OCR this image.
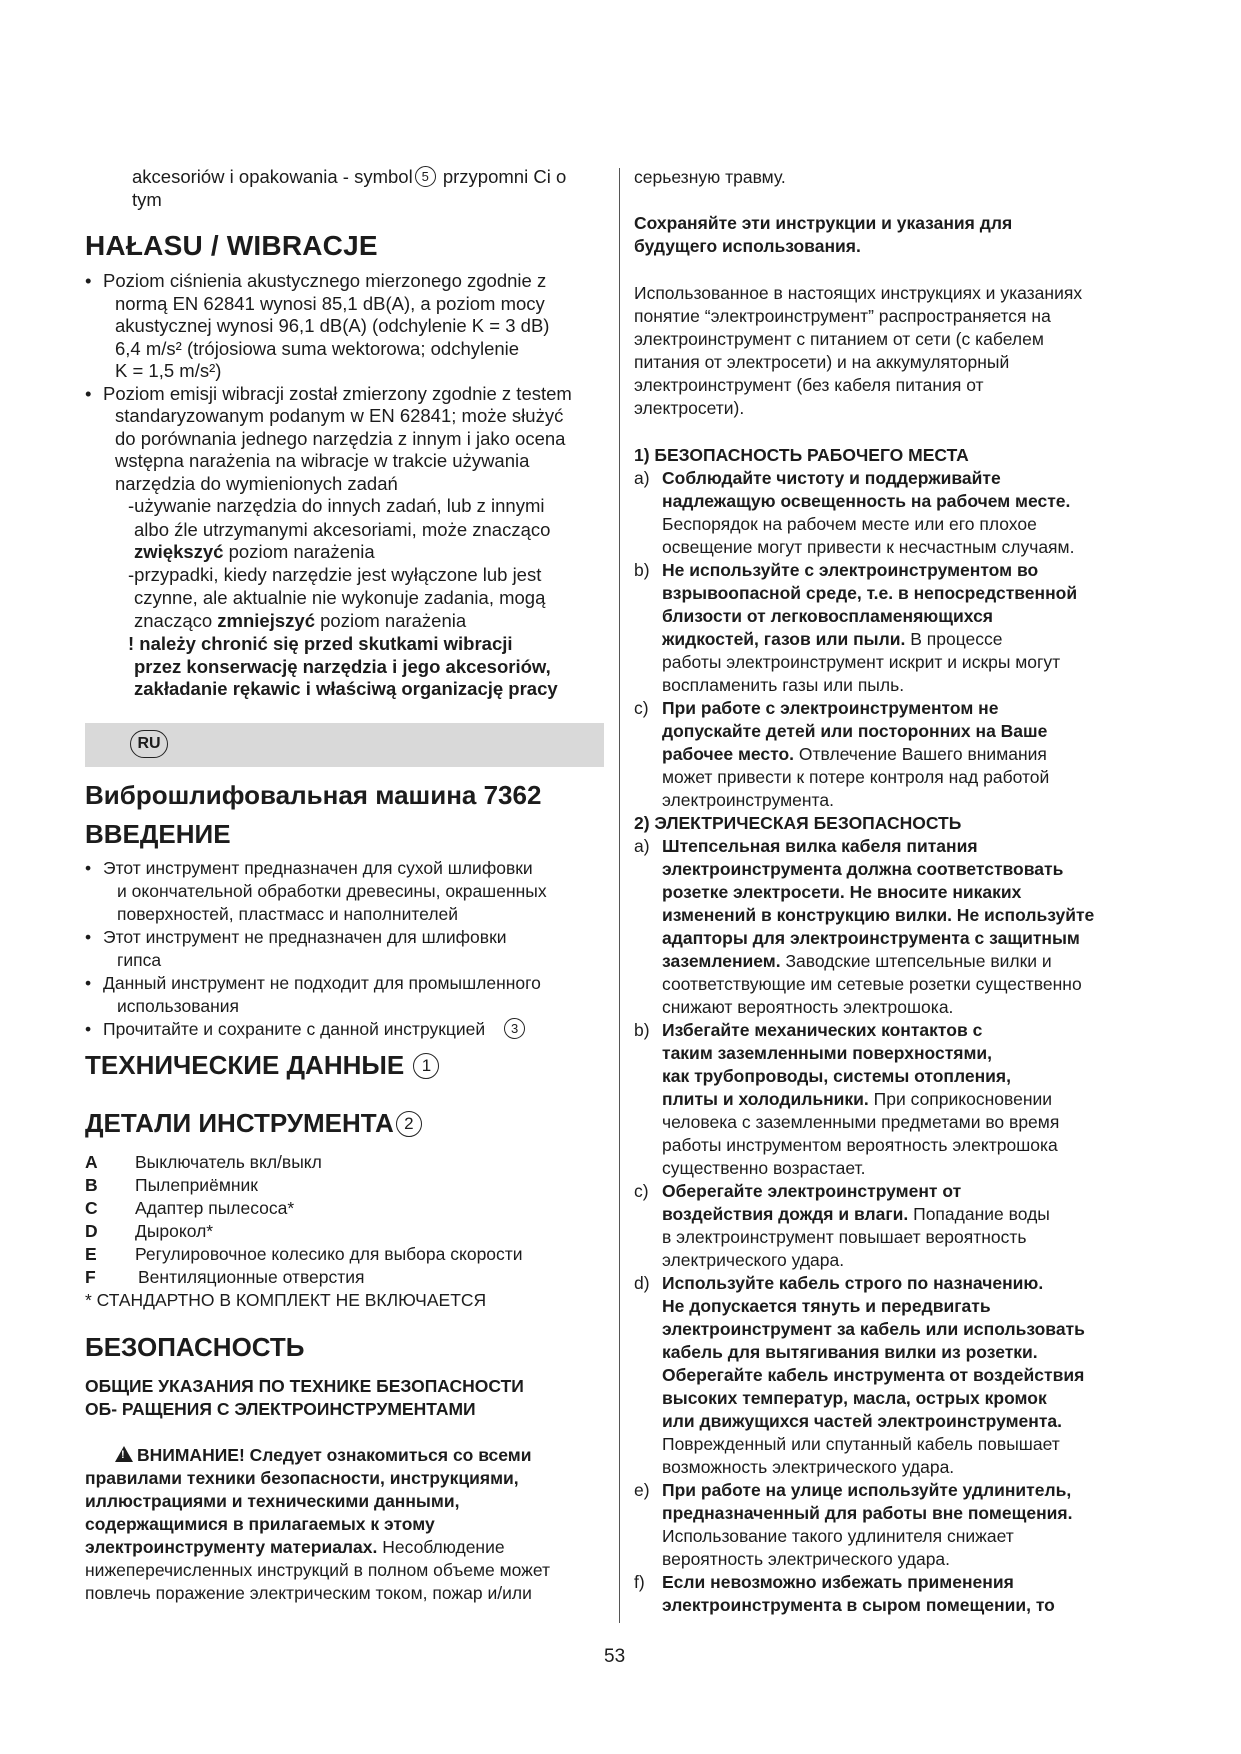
akcesoriów i opakowania - symbol 5 przypomni Ci o

tym

HAŁASU / WIBRACJE
• Poziom ciśnienia akustycznego mierzonego zgodnie z
normą EN 62841 wynosi 85,1 dB(A), a poziom mocy
akustycznej wynosi 96,1 dB(A) (odchylenie K = 3 dB)
6,4 m/s² (trójosiowa suma wektorowa; odchylenie
K = 1,5 m/s²)
• Poziom emisji wibracji został zmierzony zgodnie z testem
standaryzowanym podanym w EN 62841; może służyć
do porównania jednego narzędzia z innym i jako ocena
wstępna narażenia na wibracje w trakcie używania
narzędzia do wymienionych zadań

-używanie narzędzia do innych zadań, lub z innymi

albo źle utrzymanymi akcesoriami, może znacząco

zwiększyć poziom narażenia

-przypadki, kiedy narzędzie jest wyłączone lub jest

czynne, ale aktualnie nie wykonuje zadania, mogą

znacząco zmniejszyć poziom narażenia

! należy chronić się przed skutkami wibracji

przez konserwację narzędzia i jego akcesoriów,

zakładanie rękawic i właściwą organizację pracy

RU
Виброшлифовальная машина 7362
ВВЕДЕНИЕ
• Этот инструмент предназначен для сухой шлифовки
и окончательной обработки древесины, окрашенных
поверхностей, пластмасс и наполнителей
• Этот инструмент не предназначен для шлифовки
гипса
• Данный инструмент не подходит для промышленного
использования
• Прочитайте и сохраните с данной инструкцией 3
ТЕХНИЧЕСКИЕ ДАННЫЕ 1
ДЕТАЛИ ИНСТРУМЕНТА 2
A	Выключатель вкл/выкл
B	Пылеприёмник
C	Адаптер пылесоса*
D	Дырокол*
E	Регулировочное колесико для выбора скорости
F	Вентиляционные отверстия

* СТАНДАРТНО В КОМПЛЕКТ НЕ ВКЛЮЧАЕТСЯ

БЕЗОПАСНОСТЬ

ОБЩИЕ УКАЗАНИЯ ПО ТЕХНИКЕ БЕЗОПАСНОСТИ

ОБ- РАЩЕНИЯ С ЭЛЕКТРОИНСТРУМЕНТАМИ

!ВНИМАНИЕ! Следует ознакомиться со всеми

правилами техники безопасности, инструкциями,

иллюстрациями и техническими данными,

содержащимися в прилагаемых к этому

электроинструменту материалах. Несоблюдение

нижеперечисленных инструкций в полном объеме может

повлечь поражение электрическим током, пожар и/или

серьезную травму.

Сохраняйте эти инструкции и указания для

будущего использования.

Использованное в настоящих инструкциях и указаниях

понятие “электроинструмент” распространяется на

электроинструмент с питанием от сети (с кабелем

питания от электросети) и на аккумуляторный

электроинструмент (без кабеля питания от

электросети).

1) БЕЗОПАСНОСТЬ РАБОЧЕГО МЕСТА

a) Соблюдайте чистоту и поддерживайте
надлежащую освещенность на рабочем месте.
Беспорядок на рабочем месте или его плохое
освещение могут привести к несчастным случаям.
b) Не используйте с электроинструментом во
взрывоопасной среде, т.е. в непосредственной
близости от легковоспламеняющихся
жидкостей, газов или пыли. В процессе
работы электроинструмент искрит и искры могут
воспламенить газы или пыль.
c) При работе с электроинструментом не
допускайте детей или посторонних на Ваше
рабочее место. Отвлечение Вашего внимания
может привести к потере контроля над работой
электроинструмента.

2) ЭЛЕКТРИЧЕСКАЯ БЕЗОПАСНОСТЬ

a) Штепсельная вилка кабеля питания
электроинструмента должна соответствовать
розетке электросети. Не вносите никаких
изменений в конструкцию вилки. Не используйте
адапторы для электроинструмента с защитным
заземлением. Заводские штепсельные вилки и
соответствующие им сетевые розетки существенно
снижают вероятность электрошока.
b) Избегайте механических контактов с
таким заземленными поверхностями,
как трубопроводы, системы отопления,
плиты и холодильники. При соприкосновении
человека с заземленными предметами во время
работы инструментом вероятность электрошока
существенно возрастает.
c) Оберегайте электроинструмент от
воздействия дождя и влаги. Попадание воды
в электроинструмент повышает вероятность
электрического удара.
d) Используйте кабель строго по назначению.
Не допускается тянуть и передвигать
электроинструмент за кабель или использовать
кабель для вытягивания вилки из розетки.
Оберегайте кабель инструмента от воздействия
высоких температур, масла, острых кромок
или движущихся частей электроинструмента.
Поврежденный или спутанный кабель повышает
возможность электрического удара.
e) При работе на улице используйте удлинитель,
предназначенный для работы вне помещения.
Использование такого удлинителя снижает
вероятность электрического удара.
f) Если невозможно избежать применения
электроинструмента в сыром помещении, то
53
